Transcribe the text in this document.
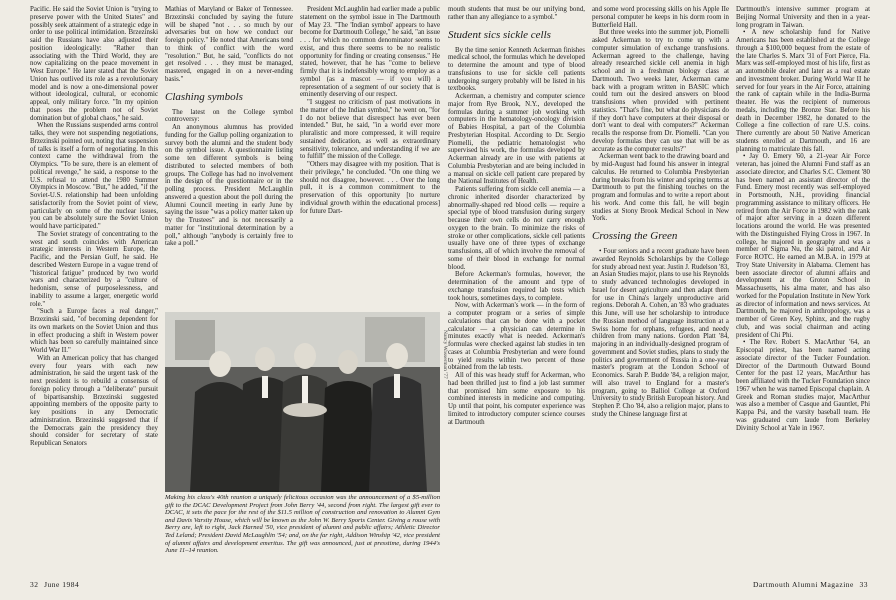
Pacific. He said the Soviet Union is "trying to preserve power with the United States" and possibly seek attainment of a strategic edge in order to use political intimidation. Brzezinski said the Russians have also adjusted their position ideologically: "Rather than associating with the Third World, they are now capitalizing on the peace movement in West Europe." He later stated that the Soviet Union has outlived its role as a revolutionary model and is now a one-dimensional power without ideological, cultural, or economic appeal, only military force. "In my opinion that poses the problem not of Soviet domination but of global chaos," he said.

When the Russians suspended arms control talks, they were not suspending negotiations, Brzezinski pointed out, noting that suspension of talks is itself a form of negotiating. In this context came the withdrawal from the Olympics. "To be sure, there is an element of political revenge," he said, a response to the U.S. refusal to attend the 1980 Summer Olympics in Moscow. "But," he added, "if the Soviet-U.S. relationship had been unfolding satisfactorily from the Soviet point of view, particularly on some of the nuclear issues, you can be absolutely sure the Soviet Union would have participated."

The Soviet strategy of concentrating to the west and south coincides with American strategic interests in Western Europe, the Pacific, and the Persian Gulf, he said. He described Western Europe in a vague trend of "historical fatigue" produced by two world wars and characterized by a "culture of hedonism, sense of purposelessness, and inability to assume a larger, energetic world role."

"Such a Europe faces a real danger," Brzezinski said, "of becoming dependent for its own markets on the Soviet Union and thus in effect producing a shift in Western power which has been so carefully maintained since World War II."

With an American policy that has changed every four years with each new administration, he said the urgent task of the next president is to rebuild a consensus of foreign policy through a "deliberate" pursuit of bipartisanship. Brzezinski suggested appointing members of the opposite party to key positions in any Democratic administration. Brzezinski suggested that if the Democrats gain the presidency they should consider for secretary of state Republican Senators

Mathias of Maryland or Baker of Tennessee. Brzezinski concluded by saying the future will be shaped "not . . . so much by our adversaries but on how we conduct our foreign policy." He noted that Americans tend to think of conflict with the word "resolution." But, he said, "conflicts do not get resolved . . . they must be managed, mastered, engaged in on a never-ending basis."

Clashing symbols

The latest on the College symbol controversy:

An anonymous alumnus has provided funding for the Gallup polling organization to survey both the alumni and the student body on the symbol issue. A questionnaire listing some ten different symbols is being distributed to selected members of both groups. The College has had no involvement in the design of the questionnaire or in the polling process. President McLaughlin answered a question about the poll during the Alumni Council meeting in early June by saying the issue "was a policy matter taken up by the Trustees" and is not necessarily a matter for "institutional determination by a poll," although "anybody is certainly free to take a poll."

President McLaughlin had earlier made a public statement on the symbol issue in The Dartmouth of May 23. "The 'Indian symbol' appears to have become for Dartmouth College," he said, "an issue . . . for which no common denominator seems to exist, and thus there seems to be no realistic opportunity for finding or creating consensus." He stated, however, that he has "come to believe firmly that it is indefensibly wrong to employ as a symbol (as a mascot — if you will) a representation of a segment of our society that is eminently deserving of our respect.

"I suggest no criticism of past motivations in the matter of the Indian symbol," he went on, "for I do not believe that disrespect has ever been intended." But, he said, "in a world ever more pluralistic and more compressed, it will require sustained dedication, as well as extraordinary sensitivity, tolerance, and understanding if we are to fulfill" the mission of the College.

"Others may disagree with my position. That is their privilege," he concluded. "On one thing we should not disagree, however. . . . Over the long pull, it is a common commitment to the preservation of this opportunity [to nurture individual growth within the educational process] for future Dart-

mouth students that must be our unifying bond, rather than any allegiance to a symbol."

Student sics sickle cells

By the time senior Kenneth Ackerman finishes medical school, the formulas which he developed to determine the amount and type of blood transfusions to use for sickle cell patients undergoing surgery probably will be listed in his textbooks.

Ackerman, a chemistry and computer science major from Rye Brook, N.Y., developed the formulas during a summer job working with computers in the hematology-oncology division of Babies Hospital, a part of the Columbia Presbyterian Hospital. According to Dr. Sergio Piomelli, the pediatric hematologist who supervised his work, the formulas developed by Ackerman already are in use with patients at Columbia Presbyterian and are being included in a manual on sickle cell patient care prepared by the National Institutes of Health.

Patients suffering from sickle cell anemia — a chronic inherited disorder characterized by abnormally-shaped red blood cells — require a special type of blood transfusion during surgery because their own cells do not carry enough oxygen to the brain. To minimize the risks of stroke or other complications, sickle cell patients usually have one of three types of exchange transfusions, all of which involve the removal of some of their blood in exchange for normal blood.

Before Ackerman's formulas, however, the determination of the amount and type of exchange transfusion required lab tests which took hours, sometimes days, to complete.

Now, with Ackerman's work — in the form of a computer program or a series of simple calculations that can be done with a pocket calculator — a physician can determine in minutes exactly what is needed. Ackerman's formulas were checked against lab studies in ten cases at Columbia Presbyterian and were found to yield results within two percent of those obtained from the lab tests.

All of this was heady stuff for Ackerman, who had been thrilled just to find a job last summer that promised him some exposure to his combined interests in medicine and computing. Up until that point, his computer experience was limited to introductory computer science courses at Dartmouth

and some word processing skills on his Apple IIe personal computer he keeps in his dorm room in Butterfield Hall.

But three weeks into the summer job, Piomelli asked Ackerman to try to come up with a computer simulation of exchange transfusions. Ackerman agreed to the challenge, having already researched sickle cell anemia in high school and in a freshman biology class at Dartmouth. Two weeks later, Ackerman came back with a program written in BASIC which could turn out the desired answers on blood transfusions when provided with pertinent statistics. "That's fine, but what do physicians do if they don't have computers at their disposal or don't want to deal with computers?" Ackerman recalls the response from Dr. Piomelli. "Can you develop formulas they can use that will be as accurate as the computer results?"

Ackerman went back to the drawing board and by mid-August had found his answer in integral calculus. He returned to Columbia Presbyterian during breaks from his winter and spring terms at Dartmouth to put the finishing touches on the program and formulas and to write a report about his work. And come this fall, he will begin studies at Stony Brook Medical School in New York.

Crossing the Green

• Four seniors and a recent graduate have been awarded Reynolds Scholarships by the College for study abroad next year. Justin J. Rudelson '83, an Asian Studies major, plans to use his Reynolds to study advanced technologies developed in Israel for desert agriculture and then adapt them for use in China's largely unproductive arid regions. Deborah A. Cohen, an '83 who graduates this June, will use her scholarship to introduce the Russian method of language instruction at a Swiss home for orphans, refugees, and needy children from many nations. Gordon Platt '84, majoring in an individually-designed program of government and Soviet studies, plans to study the politics and government of Russia in a one-year master's program at the London School of Economics. Sarah P. Budde '84, a religion major, will also travel to England for a master's program, going to Balliol College at Oxford University to study British European history. And Stephen P. Cho '84, also a religion major, plans to study the Chinese language first at

Dartmouth's intensive summer program at Beijing Normal University and then in a year-long program in Taiwan.

• A new scholarship fund for Native Americans has been established at the College through a $100,000 bequest from the estate of the late Charles S. Marx '31 of Fort Pierce, Fla. Marx was self-employed most of his life, first as an automobile dealer and later as a real estate and investment broker. During World War II he served for four years in the Air Force, attaining the rank of captain while in the India-Burma theater. He was the recipient of numerous medals, including the Bronze Star. Before his death in December 1982, he donated to the College a fine collection of rare U.S. coins. There currently are about 50 Native American students enrolled at Dartmouth, and 16 are planning to matriculate this fall.

• Jay O. Emery '60, a 21-year Air Force veteran, has joined the Alumni Fund staff as an associate director, and Charles S.C. Clement '80 has been named an assistant director of the Fund. Emery most recently was self-employed in Portsmouth, N.H., providing financial programming assistance to military officers. He retired from the Air Force in 1982 with the rank of major after serving in a dozen different locations around the world. He was presented with the Distinguished Flying Cross in 1967. In college, he majored in geography and was a member of Sigma Nu, the ski patrol, and Air Force ROTC. He earned an M.B.A. in 1979 at Troy State University in Alabama. Clement has been associate director of alumni affairs and development at the Groton School in Massachusetts, his alma mater, and has also worked for the Population Institute in New York as director of information and news services. At Dartmouth, he majored in anthropology, was a member of Green Key, Sphinx, and the rugby club, and was social chairman and acting president of Chi Phi.

• The Rev. Robert S. MacArthur '64, an Episcopal priest, has been named acting associate director of the Tucker Foundation. Director of the Dartmouth Outward Bound Center for the past 12 years, MacArthur has been affiliated with the Tucker Foundation since 1967 when he was named Episcopal chaplain. A Greek and Roman studies major, MacArthur was also a member of Casque and Gauntlet, Phi Kappa Psi, and the varsity baseball team. He was graduated cum laude from Berkeley Divinity School at Yale in 1967.

Nancy Wasserman '77
Making his class's 40th reunion a uniquely felicitous occasion was the announcement of a $5-million gift to the DCAC Development Project from John Berry '44, second from right. The largest gift ever to DCAC, it sets the pace for the rest of the $11.5 million of construction and renovation to Alumni Gym and Davis Varsity House, which will be known as the John W. Berry Sports Center. Giving a rouse with Berry are, left to right, Jack Harned '50, vice president of alumni and public affairs; Athletic Director Ted Leland; President David McLaughlin '54; and, on the far right, Addison Winship '42, vice president of alumni affairs and development emeritus. The gift was announced, just at presstime, during 1944's June 11–14 reunion.
32 June 1984	Dartmouth Alumni Magazine 33
